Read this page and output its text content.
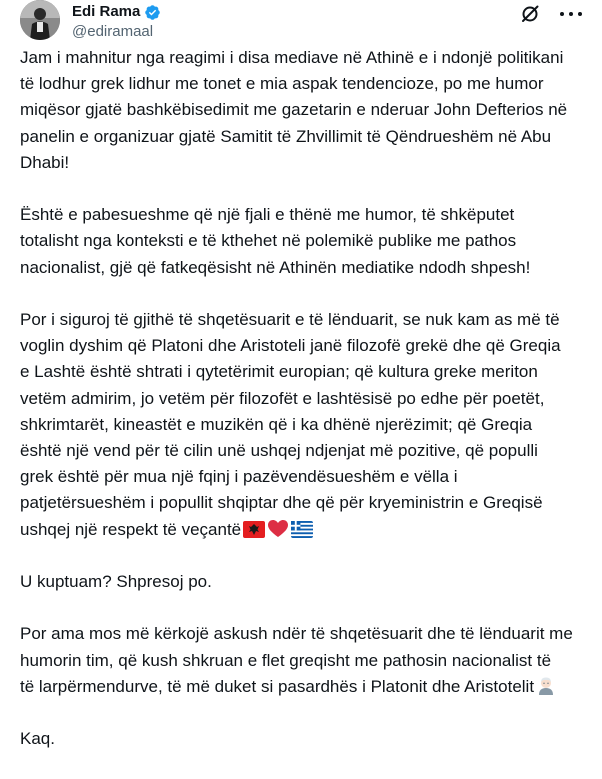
Edi Rama
@ediramaal

Jam i mahnitur nga reagimi i disa mediave në Athinë e i ndonjë politikani
të lodhur grek lidhur me tonet e mia aspak tendencioze, po me humor
miqësor gjatë bashkëbisedimit me gazetarin e nderuar John Defterios në
panelin e organizuar gjatë Samitit të Zhvillimit të Qëndrueshëm në Abu
Dhabi!

Është e pabesueshme që një fjali e thënë me humor, të shkëputet
totalisht nga konteksti e të kthehet në polemikë publike me pathos
nacionalist, gjë që fatkeqësisht në Athinën mediatike ndodh shpesh!

Por i siguroj të gjithë të shqetësuarit e të lënduarit, se nuk kam as më të
voglin dyshim që Platoni dhe Aristoteli janë filozofë grekë dhe që Greqia
e Lashtë është shtrati i qytetërimit europian; që kultura greke meriton
vetëm admirim, jo vetëm për filozofët e lashtësisë po edhe për poetët,
shkrimtarët, kineastët e muzikën që i ka dhënë njerëzimit; që Greqia
është një vend për të cilin unë ushqej ndjenjat më pozitive, që populli
grek është për mua një fqinj i pazëvendësueshëm e vëlla i
patjetërsueshëm i popullit shqiptar dhe që për kryeministrin e Greqisë
ushqej një respekt të veçantë

U kuptuam? Shpresoj po.

Por ama mos më kërkojë askush ndër të shqetësuarit dhe të lënduarit me
humorin tim, që kush shkruan e flet greqisht me pathosin nacionalist të
të larpërmendurve, të më duket si pasardhës i Platonit dhe Aristotelit

Kaq.
